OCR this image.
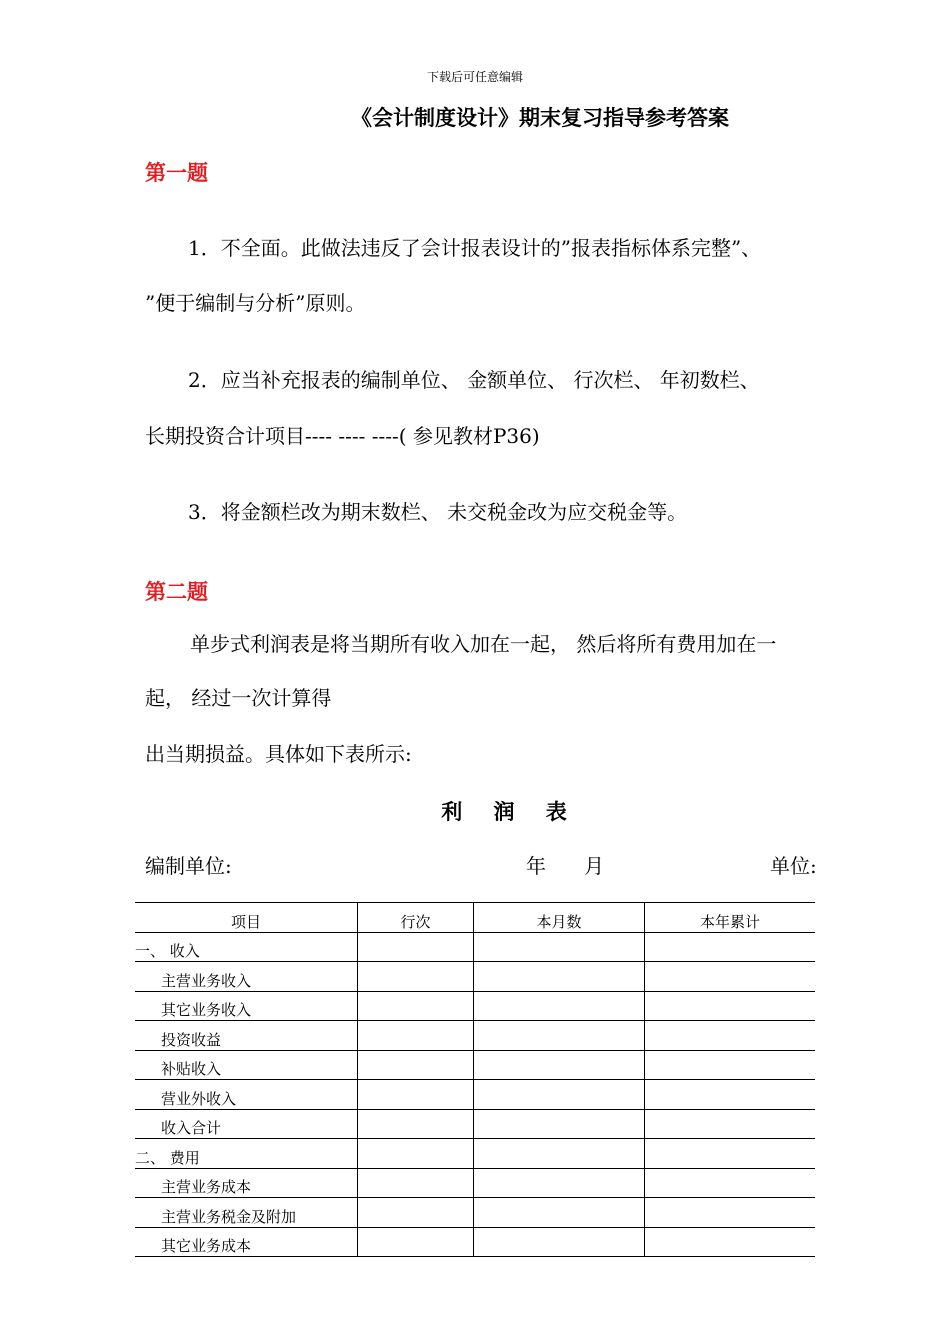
下载后可任意编辑
《会计制度设计》期末复习指导参考答案
第一题
1．不全面。此做法违反了会计报表设计的”报表指标体系完整”、
”便于编制与分析”原则。
2．应当补充报表的编制单位、 金额单位、 行次栏、 年初数栏、
长期投资合计项目---- ---- ----( 参见教材P36)
3．将金额栏改为期末数栏、 未交税金改为应交税金等。
第二题
单步式利润表是将当期所有收入加在一起， 然后将所有费用加在一
起， 经过一次计算得
出当期损益。具体如下表所示:
利 润 表
编制单位:	年      月	单位:
项目	行次	本月数	本年累计
一、 收入			
主营业务收入			
其它业务收入			
投资收益			
补贴收入			
营业外收入			
收入合计			
二、 费用			
主营业务成本			
主营业务税金及附加			
其它业务成本			
